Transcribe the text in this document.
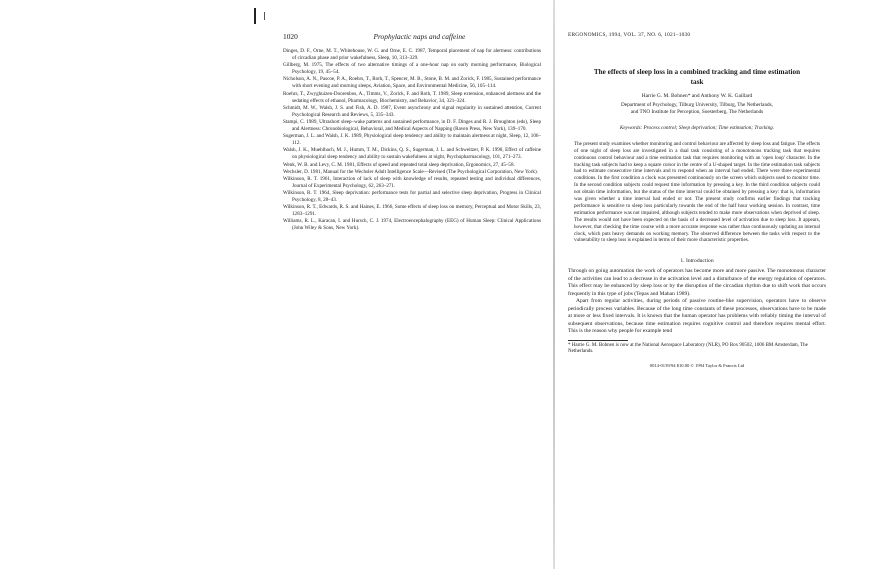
1020	Prophylactic naps and caffeine
Dinges, D. F., Orne, M. T., Whitehouse, W. G. and Orne, E. C. 1987, Temporal placement of nap for alertness: contributions of circadian phase and prior wakefulness, Sleep, 10, 313–329.
Gillberg, M. 1975, The effects of two alternative timings of a one-hour nap on early morning performance, Biological Psychology, 19, 45–54.
Nicholson, A. N., Pascoe, P. A., Roehrs, T., Roth, T., Spencer, M. B., Stone, B. M. and Zorick, F. 1985, Sustained performance with short evening and morning sleeps, Aviation, Space, and Environmental Medicine, 56, 105–114.
Roehrs, T., Zwyghuizen-Doorenbos, A., Timms, V., Zorick, F. and Roth, T. 1989, Sleep extension, enhanced alertness and the sedating effects of ethanol, Pharmacology, Biochemistry, and Behavior, 34, 321–324.
Schmidt, M. W., Walsh, J. S. and Fish, A. D. 1987, Event asynchrony and signal regularity in sustained attention, Current Psychological Research and Reviews, 5, 335–343.
Stampi, C. 1989, Ultrashort sleep–wake patterns and sustained performance, in D. F. Dinges and R. J. Broughton (eds), Sleep and Alertness: Chronobiological, Behavioral, and Medical Aspects of Napping (Raven Press, New York), 139–170.
Sugerman, J. L. and Walsh, J. K. 1989, Physiological sleep tendency and ability to maintain alertness at night, Sleep, 12, 106–112.
Walsh, J. K., Muehlbach, M. J., Humm, T. M., Dickins, Q. S., Sugerman, J. L. and Schweitzer, P. K. 1990, Effect of caffeine on physiological sleep tendency and ability to sustain wakefulness at night, Psychopharmacology, 101, 271–273.
Wenk, W. B. and Levy, C. M. 1981, Effects of speed and repeated total sleep deprivation, Ergonomics, 27, 45–58.
Wechsler, D. 1981, Manual for the Wechsler Adult Intelligence Scale—Revised (The Psychological Corporation, New York).
Wilkinson, R. T. 1961, Interaction of lack of sleep with knowledge of results, repeated testing and individual differences, Journal of Experimental Psychology, 62, 263–271.
Wilkinson, R. T. 1964, Sleep deprivation: performance tests for partial and selective sleep deprivation, Progress in Clinical Psychology, 8, 28–43.
Wilkinson, R. T., Edwards, R. S. and Haines, E. 1966, Some effects of sleep loss on memory, Perceptual and Motor Skills, 23, 1283–1291.
Williams, R. L., Karacan, I. and Hursch, C. J. 1974, Electroencephalography (EEG) of Human Sleep: Clinical Applications (John Wiley & Sons, New York).
ERGONOMICS, 1994, VOL. 37, NO. 6, 1021–1030
The effects of sleep loss in a combined tracking and time estimation task
Harrie G. M. Bohnen* and Anthony W. K. Gaillard
Department of Psychology, Tilburg University, Tilburg, The Netherlands,
and TNO Institute for Perception, Soesterberg, The Netherlands
Keywords: Process control; Sleep deprivation; Time estimation; Tracking.

The present study examines whether monitoring and control behaviour are affected by sleep loss and fatigue. The effects of one night of sleep loss are investigated in a dual task consisting of a monotonous tracking task that requires continuous control behaviour and a time estimation task that requires monitoring with an 'open loop' character. In the tracking task subjects had to keep a square cursor in the centre of a U-shaped target. In the time estimation task subjects had to estimate consecutive time intervals and to respond when an interval had ended. There were three experimental conditions. In the first condition a clock was presented continuously on the screen which subjects used to monitor time. In the second condition subjects could request time information by pressing a key. In the third condition subjects could not obtain time information, but the status of the time interval could be obtained by pressing a key: that is, information was given whether a time interval had ended or not. The present study confirms earlier findings that tracking performance is sensitive to sleep loss particularly towards the end of the half hour working session. In contrast, time estimation performance was not impaired, although subjects tended to make more observations when deprived of sleep. The results would not have been expected on the basis of a decreased level of activation due to sleep loss. It appears, however, that checking the time course with a more accurate response was rather than continuously updating an internal clock, which puts heavy demands on working memory. The observed difference between the tasks with respect to the vulnerability to sleep loss is explained in terms of their more characteristic properties.

1. Introduction

Through on going automation the work of operators has become more and more passive. The monotonous character of the activities can lead to a decrease in the activation level and a disturbance of the energy regulation of operators. This effect may be enhanced by sleep loss or by the disruption of the circadian rhythm due to shift work that occurs frequently in this type of jobs (Tepas and Mahan 1989).

Apart from regular activities, during periods of passive routine-like supervision, operators have to observe periodically process variables. Because of the long time constants of these processes, observations have to be made at more or less fixed intervals. It is known that the human operator has problems with reliably timing the interval of subsequent observations, because time estimation requires cognitive control and therefore requires mental effort. This is the reason why people for example tend

* Harrie G. M. Bohnen is now at the National Aerospace Laboratory (NLR), PO Box 90502, 1006 BM Amsterdam, The Netherlands.
0014-0139/94 $10.00 © 1994 Taylor & Francis Ltd
